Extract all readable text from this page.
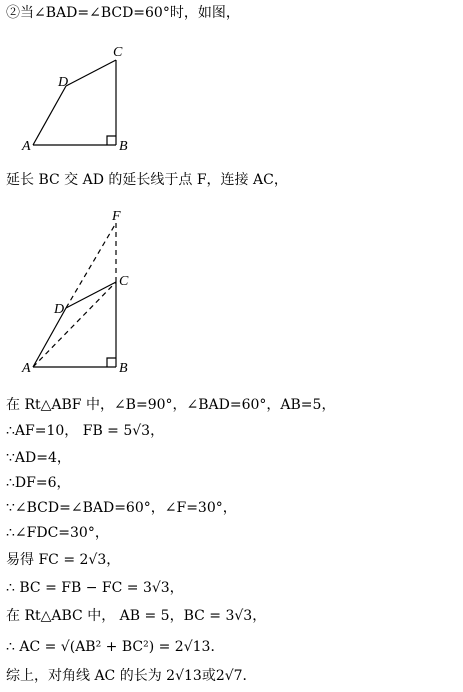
②当∠BAD=∠BCD=60°时，如图，
A	B
C
D
延长 BC 交 AD 的延长线于点 F，连接 AC，
F
C
D
A	B
在 Rt△ABF 中，∠B=90°，∠BAD=60°，AB=5，
∴AF=10， FB = 5√3，
∵AD=4，
∴DF=6，
∵∠BCD=∠BAD=60°，∠F=30°，
∴∠FDC=30°，
易得 FC = 2√3，
∴ BC = FB − FC = 3√3，
在 Rt△ABC 中， AB = 5，BC = 3√3，
∴ AC = √(AB² + BC²) = 2√13．
综上，对角线 AC 的长为 2√13或2√7．
